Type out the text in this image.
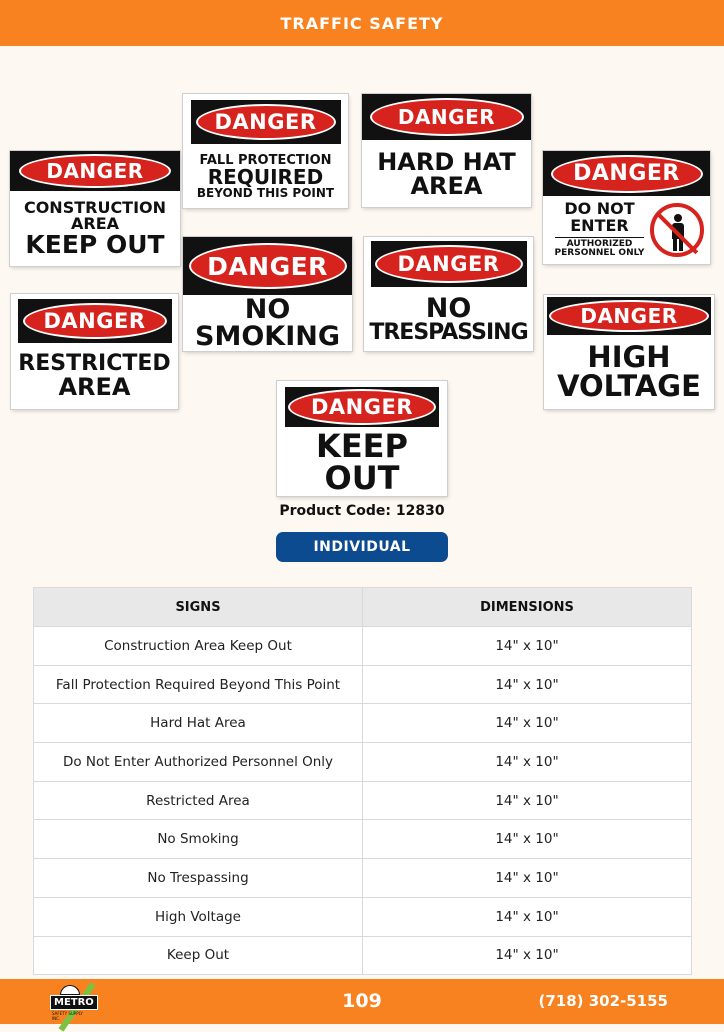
TRAFFIC SAFETY
DANGER
CONSTRUCTION
AREA
KEEP OUT
DANGER
FALL PROTECTION
REQUIRED
BEYOND THIS POINT
DANGER
HARD HAT
AREA	DANGER
DO NOT
ENTER
AUTHORIZED
PERSONNEL ONLY
DANGER
NO
SMOKING
DANGER
NO
TRESPASSING
DANGER
RESTRICTED
AREA
DANGER
HIGH
VOLTAGE
DANGER
KEEP OUT
Product Code: 12830
INDIVIDUAL
SIGNS	DIMENSIONS
Construction Area Keep Out	14" x 10"
Fall Protection Required Beyond This Point	14" x 10"
Hard Hat Area	14" x 10"
Do Not Enter Authorized Personnel Only	14" x 10"
Restricted Area	14" x 10"
No Smoking	14" x 10"
No Trespassing	14" x 10"
High Voltage	14" x 10"
Keep Out	14" x 10"
METRO
SAFETY SUPPLY INC.
109	(718) 302-5155
